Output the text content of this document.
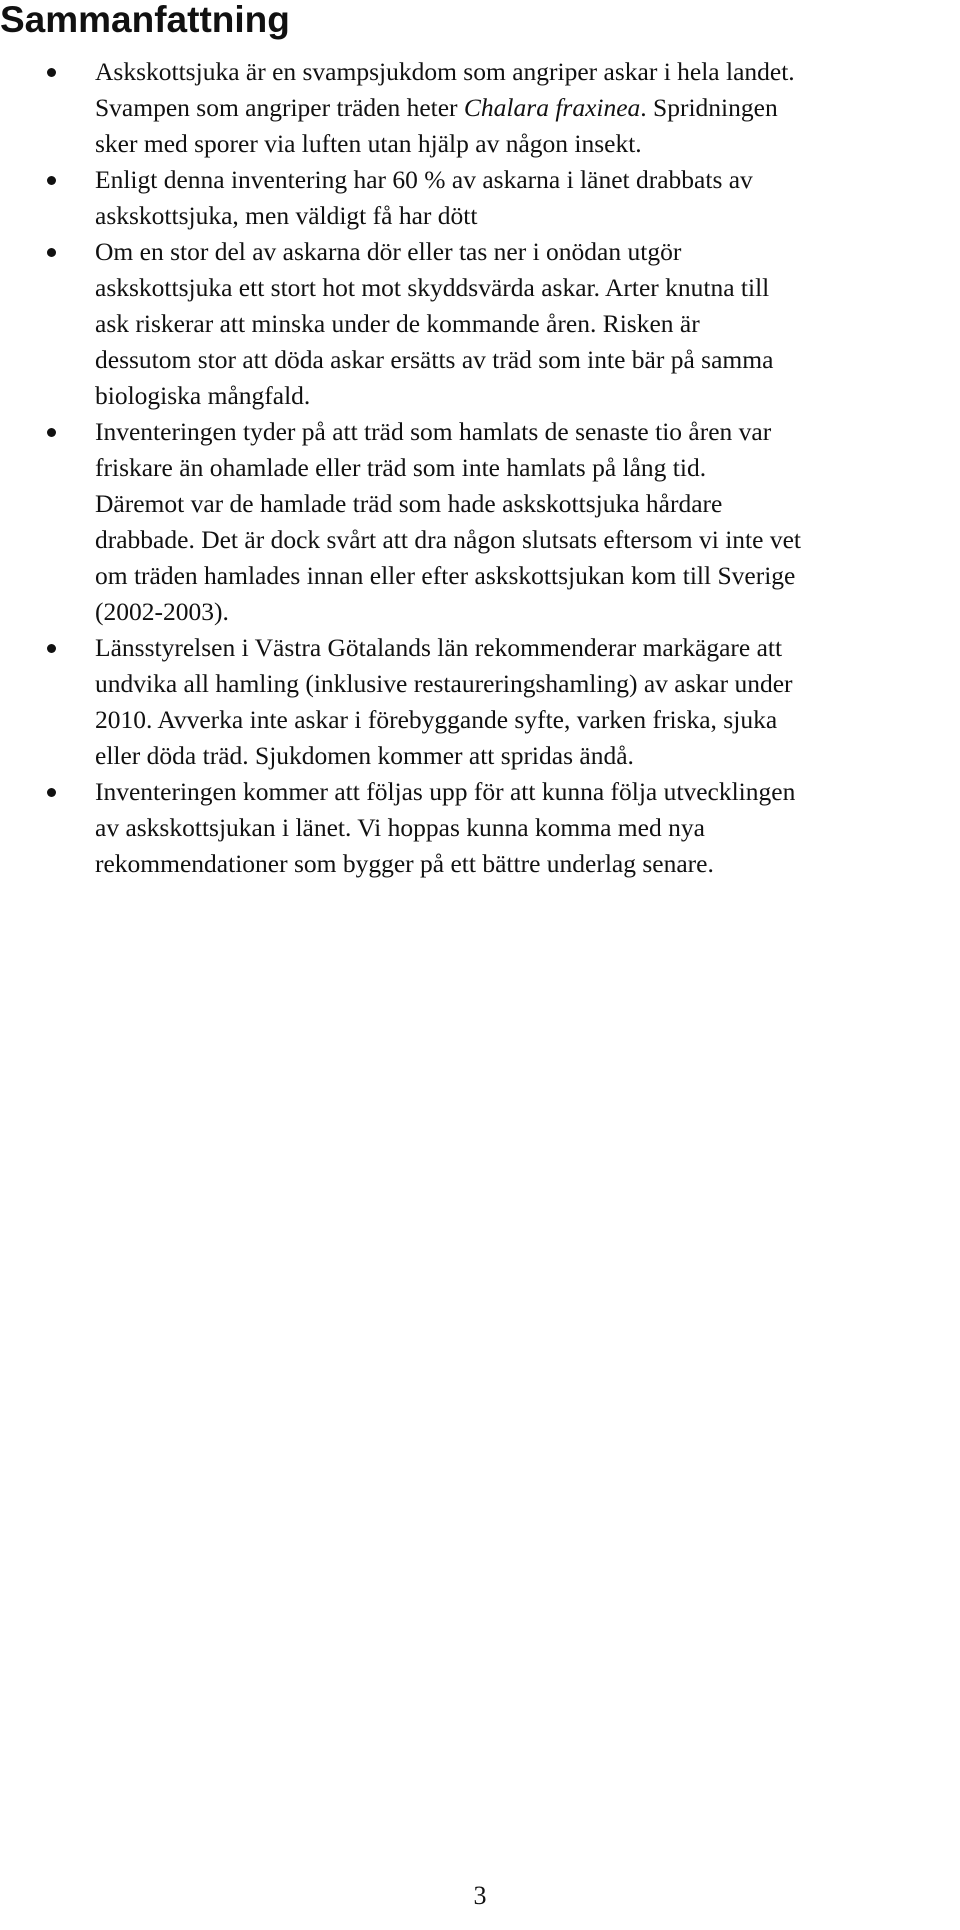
Sammanfattning
Askskottsjuka är en svampsjukdom som angriper askar i hela landet.
Svampen som angriper träden heter Chalara fraxinea. Spridningen
sker med sporer via luften utan hjälp av någon insekt.
Enligt denna inventering har 60 % av askarna i länet drabbats av
askskottsjuka, men väldigt få har dött
Om en stor del av askarna dör eller tas ner i onödan utgör
askskottsjuka ett stort hot mot skyddsvärda askar. Arter knutna till
ask riskerar att minska under de kommande åren. Risken är
dessutom stor att döda askar ersätts av träd som inte bär på samma
biologiska mångfald.
Inventeringen tyder på att träd som hamlats de senaste tio åren var
friskare än ohamlade eller träd som inte hamlats på lång tid.
Däremot var de hamlade träd som hade askskottsjuka hårdare
drabbade. Det är dock svårt att dra någon slutsats eftersom vi inte vet
om träden hamlades innan eller efter askskottsjukan kom till Sverige
(2002-2003).
Länsstyrelsen i Västra Götalands län rekommenderar markägare att
undvika all hamling (inklusive restaureringshamling) av askar under
2010. Avverka inte askar i förebyggande syfte, varken friska, sjuka
eller döda träd. Sjukdomen kommer att spridas ändå.
Inventeringen kommer att följas upp för att kunna följa utvecklingen
av askskottsjukan i länet. Vi hoppas kunna komma med nya
rekommendationer som bygger på ett bättre underlag senare.
3
